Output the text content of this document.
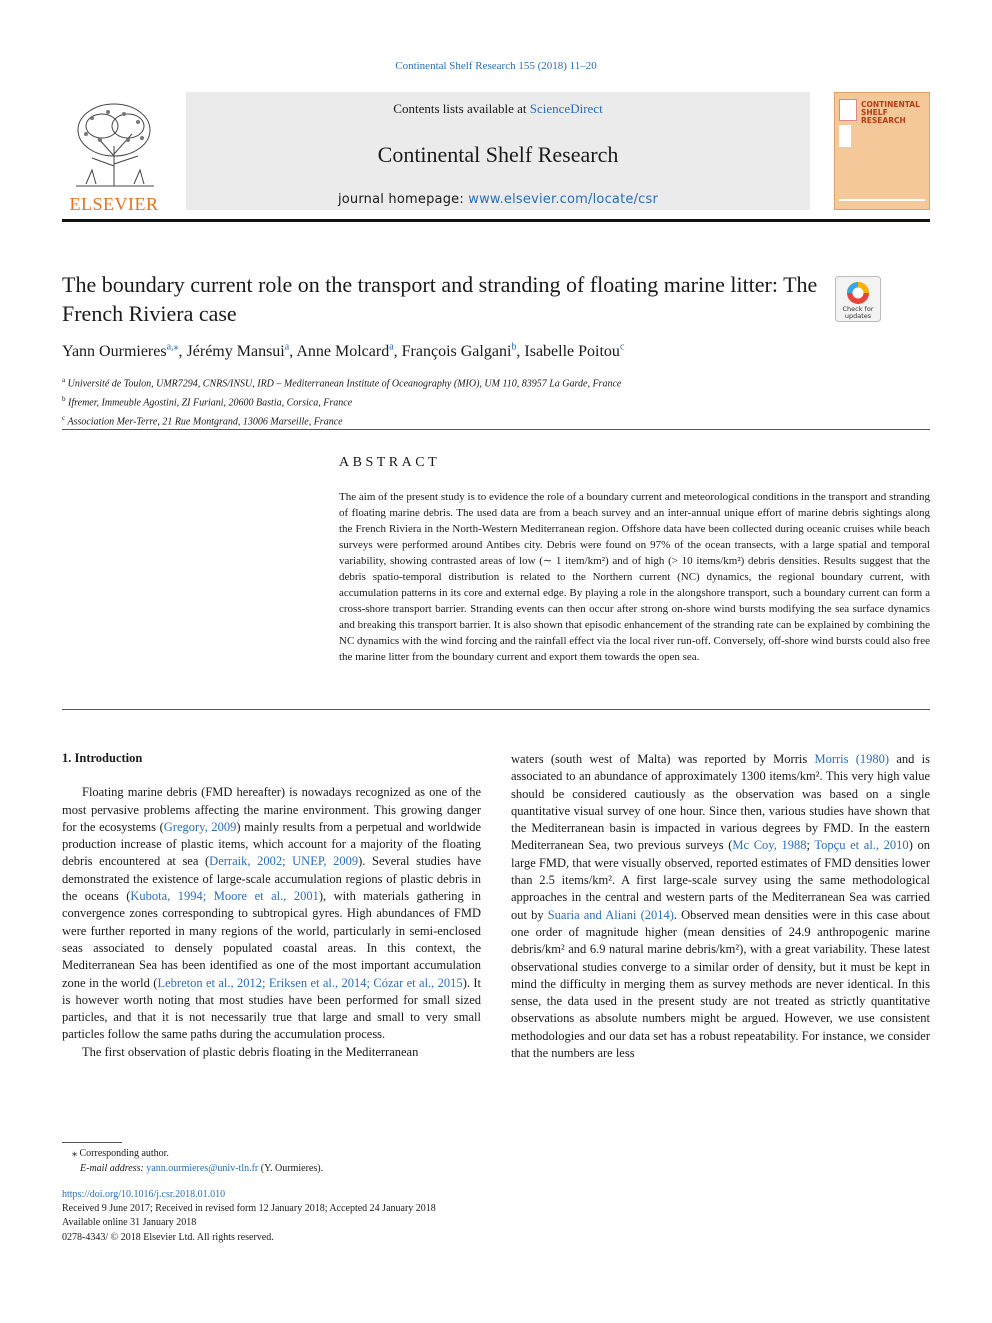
Continental Shelf Research 155 (2018) 11–20
ELSEVIER
Contents lists available at ScienceDirect
Continental Shelf Research
journal homepage: www.elsevier.com/locate/csr
CONTINENTAL SHELF RESEARCH
The boundary current role on the transport and stranding of floating marine litter: The French Riviera case	Check for
updates
Yann Ourmieres$^{a,⁎}$, Jérémy Mansui$^a$, Anne Molcard$^a$, François Galgani$^b$, Isabelle Poitou$^c$
$^a$ Université de Toulon, UMR7294, CNRS/INSU, IRD – Mediterranean Institute of Oceanography (MIO), UM 110, 83957 La Garde, France
$^b$ Ifremer, Immeuble Agostini, ZI Furiani, 20600 Bastia, Corsica, France
$^c$ Association Mer-Terre, 21 Rue Montgrand, 13006 Marseille, France
ABSTRACT
The aim of the present study is to evidence the role of a boundary current and meteorological conditions in the transport and stranding of floating marine debris. The used data are from a beach survey and an inter-annual unique effort of marine debris sightings along the French Riviera in the North-Western Mediterranean region. Offshore data have been collected during oceanic cruises while beach surveys were performed around Antibes city. Debris were found on 97% of the ocean transects, with a large spatial and temporal variability, showing contrasted areas of low (∼ 1 item/km²) and of high (> 10 items/km²) debris densities. Results suggest that the debris spatio-temporal distribution is related to the Northern current (NC) dynamics, the regional boundary current, with accumulation patterns in its core and external edge. By playing a role in the alongshore transport, such a boundary current can form a cross-shore transport barrier. Stranding events can then occur after strong on-shore wind bursts modifying the sea surface dynamics and breaking this transport barrier. It is also shown that episodic enhancement of the stranding rate can be explained by combining the NC dynamics with the wind forcing and the rainfall effect via the local river run-off. Conversely, off-shore wind bursts could also free the marine litter from the boundary current and export them towards the open sea.
1. Introduction

Floating marine debris (FMD hereafter) is nowadays recognized as one of the most pervasive problems affecting the marine environment. This growing danger for the ecosystems (Gregory, 2009) mainly results from a perpetual and worldwide production increase of plastic items, which account for a majority of the floating debris encountered at sea (Derraik, 2002; UNEP, 2009). Several studies have demonstrated the existence of large-scale accumulation regions of plastic debris in the oceans (Kubota, 1994; Moore et al., 2001), with materials gathering in convergence zones corresponding to subtropical gyres. High abundances of FMD were further reported in many regions of the world, particularly in semi-enclosed seas associated to densely populated coastal areas. In this context, the Mediterranean Sea has been identified as one of the most important accumulation zone in the world (Lebreton et al., 2012; Eriksen et al., 2014; Cózar et al., 2015). It is however worth noting that most studies have been performed for small sized particles, and that it is not necessarily true that large and small to very small particles follow the same paths during the accumulation process.

The first observation of plastic debris floating in the Mediterranean

waters (south west of Malta) was reported by Morris Morris (1980) and is associated to an abundance of approximately 1300 items/km². This very high value should be considered cautiously as the observation was based on a single quantitative visual survey of one hour. Since then, various studies have shown that the Mediterranean basin is impacted in various degrees by FMD. In the eastern Mediterranean Sea, two previous surveys (Mc Coy, 1988; Topçu et al., 2010) on large FMD, that were visually observed, reported estimates of FMD densities lower than 2.5 items/km². A first large-scale survey using the same methodological approaches in the central and western parts of the Mediterranean Sea was carried out by Suaria and Aliani (2014). Observed mean densities were in this case about one order of magnitude higher (mean densities of 24.9 anthropogenic marine debris/km² and 6.9 natural marine debris/km²), with a great variability. These latest observational studies converge to a similar order of density, but it must be kept in mind the difficulty in merging them as survey methods are never identical. In this sense, the data used in the present study are not treated as strictly quantitative observations as absolute numbers might be argued. However, we use consistent methodologies and our data set has a robust repeatability. For instance, we consider that the numbers are less

⁎ Corresponding author.
E-mail address: yann.ourmieres@univ-tln.fr (Y. Ourmieres).
https://doi.org/10.1016/j.csr.2018.01.010
Received 9 June 2017; Received in revised form 12 January 2018; Accepted 24 January 2018
Available online 31 January 2018
0278-4343/ © 2018 Elsevier Ltd. All rights reserved.
